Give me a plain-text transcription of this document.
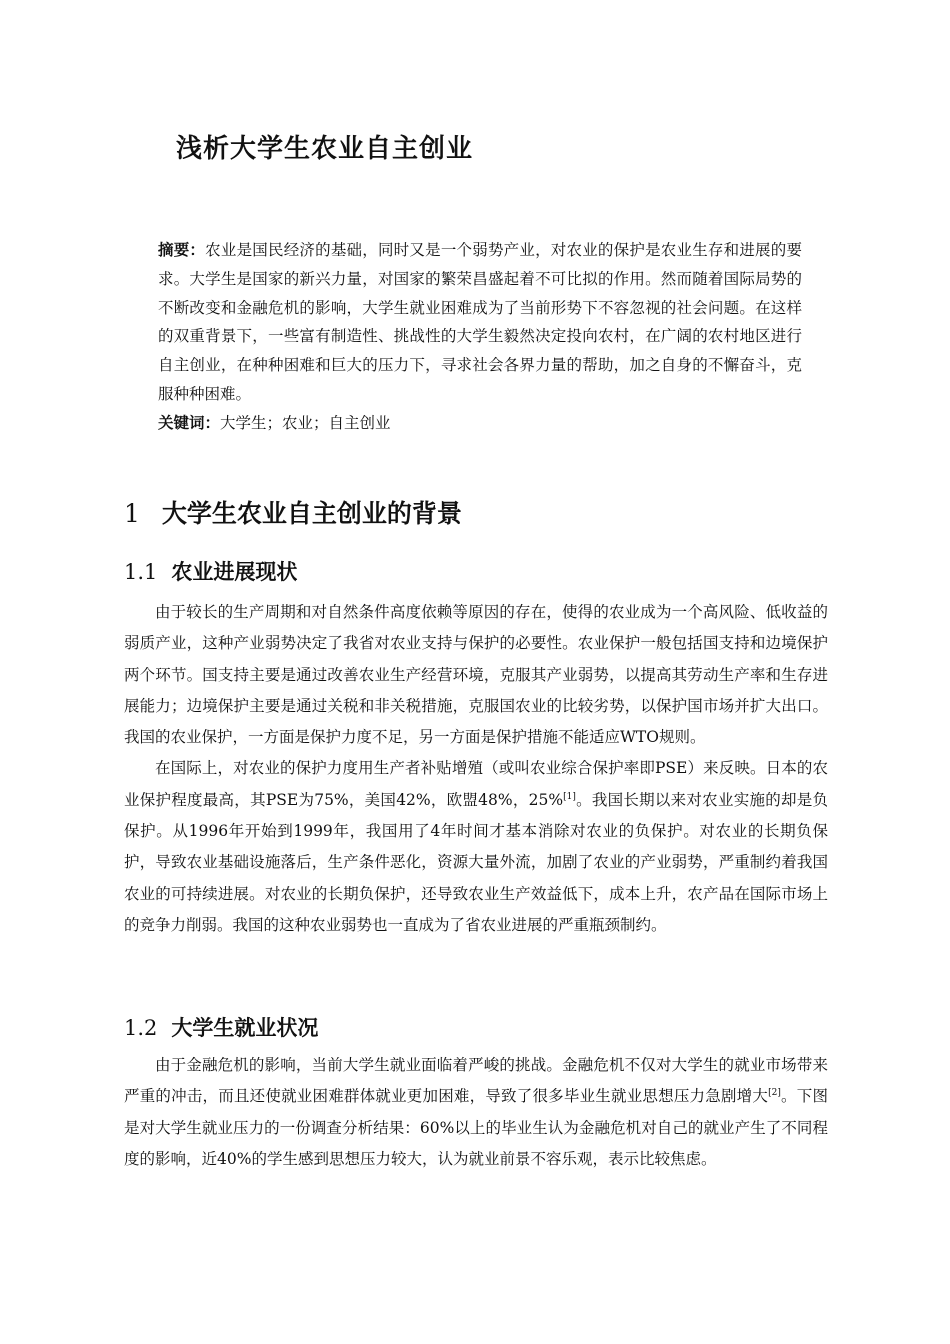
浅析大学生农业自主创业

摘要：农业是国民经济的基础，同时又是一个弱势产业，对农业的保护是农业生存和进展的要求。大学生是国家的新兴力量，对国家的繁荣昌盛起着不可比拟的作用。然而随着国际局势的不断改变和金融危机的影响，大学生就业困难成为了当前形势下不容忽视的社会问题。在这样的双重背景下，一些富有制造性、挑战性的大学生毅然决定投向农村，在广阔的农村地区进行自主创业，在种种困难和巨大的压力下，寻求社会各界力量的帮助，加之自身的不懈奋斗，克服种种困难。

关键词：大学生；农业；自主创业

1 大学生农业自主创业的背景
1.1 农业进展现状

由于较长的生产周期和对自然条件高度依赖等原因的存在，使得的农业成为一个高风险、低收益的弱质产业，这种产业弱势决定了我省对农业支持与保护的必要性。农业保护一般包括国支持和边境保护两个环节。国支持主要是通过改善农业生产经营环境，克服其产业弱势，以提高其劳动生产率和生存进展能力；边境保护主要是通过关税和非关税措施，克服国农业的比较劣势，以保护国市场并扩大出口。我国的农业保护，一方面是保护力度不足，另一方面是保护措施不能适应WTO规则。

在国际上，对农业的保护力度用生产者补贴增殖（或叫农业综合保护率即PSE）来反映。日本的农业保护程度最高，其PSE为75%，美国42%，欧盟48%，25%[1]。我国长期以来对农业实施的却是负保护。从1996年开始到1999年，我国用了4年时间才基本消除对农业的负保护。对农业的长期负保护，导致农业基础设施落后，生产条件恶化，资源大量外流，加剧了农业的产业弱势，严重制约着我国农业的可持续进展。对农业的长期负保护，还导致农业生产效益低下，成本上升，农产品在国际市场上的竞争力削弱。我国的这种农业弱势也一直成为了省农业进展的严重瓶颈制约。

1.2 大学生就业状况

由于金融危机的影响，当前大学生就业面临着严峻的挑战。金融危机不仅对大学生的就业市场带来严重的冲击，而且还使就业困难群体就业更加困难，导致了很多毕业生就业思想压力急剧增大[2]。下图是对大学生就业压力的一份调查分析结果：60%以上的毕业生认为金融危机对自己的就业产生了不同程度的影响，近40%的学生感到思想压力较大，认为就业前景不容乐观，表示比较焦虑。
